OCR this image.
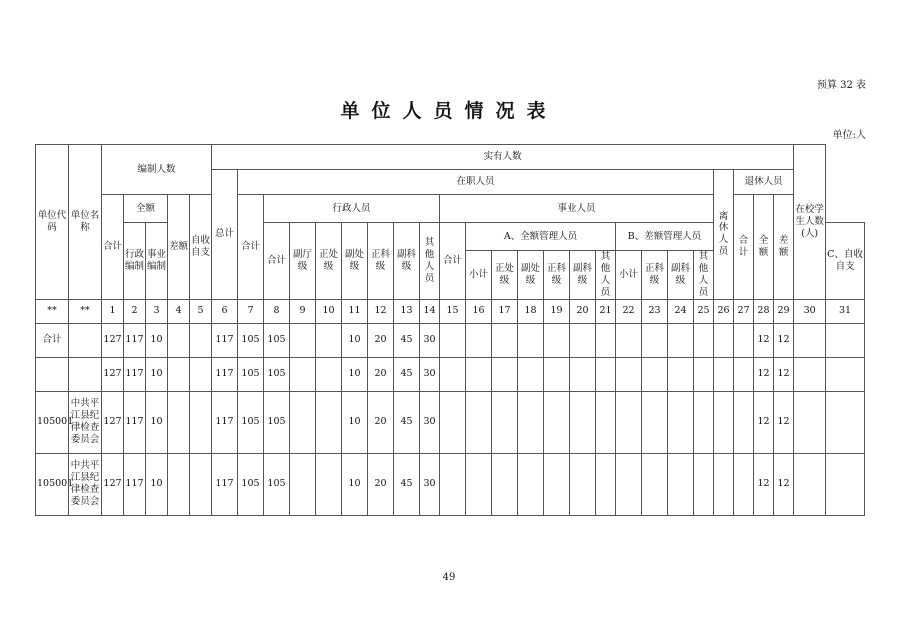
预算 32 表
单位人员情况表
单位:人
单位代码	单位名称	编制人数					实有人数																								在校学生人数(人)	
							总计	在职人员																			离休人员	退休人员				
		合计	全额		差额	自收自支		合计	行政人员							事业人员												合计	全额	差额		
			行政编制	事业编制					合计	副厅级	正处级	副处级	正科级	副科级	其他人员	合计	A、全额管理人员						B、差额管理人员									C、自收自支
																	小计	正处级	副处级	正科级	副科级	其他人员	小计	正科级	副科级	其他人员						
**	**	1	2	3	4	5	6	7	8	9	10	11	12	13	14	15	16	17	18	19	20	21	22	23	24	25	26	27	28	29	30	31
合计		127	117	10			117	105	105			10	20	45	30														12	12		
		127	117	10			117	105	105			10	20	45	30														12	12		
105001	中共平江县纪律检查委员会	127	117	10			117	105	105			10	20	45	30														12	12		
105001	中共平江县纪律检查委员会	127	117	10			117	105	105			10	20	45	30														12	12		
49
